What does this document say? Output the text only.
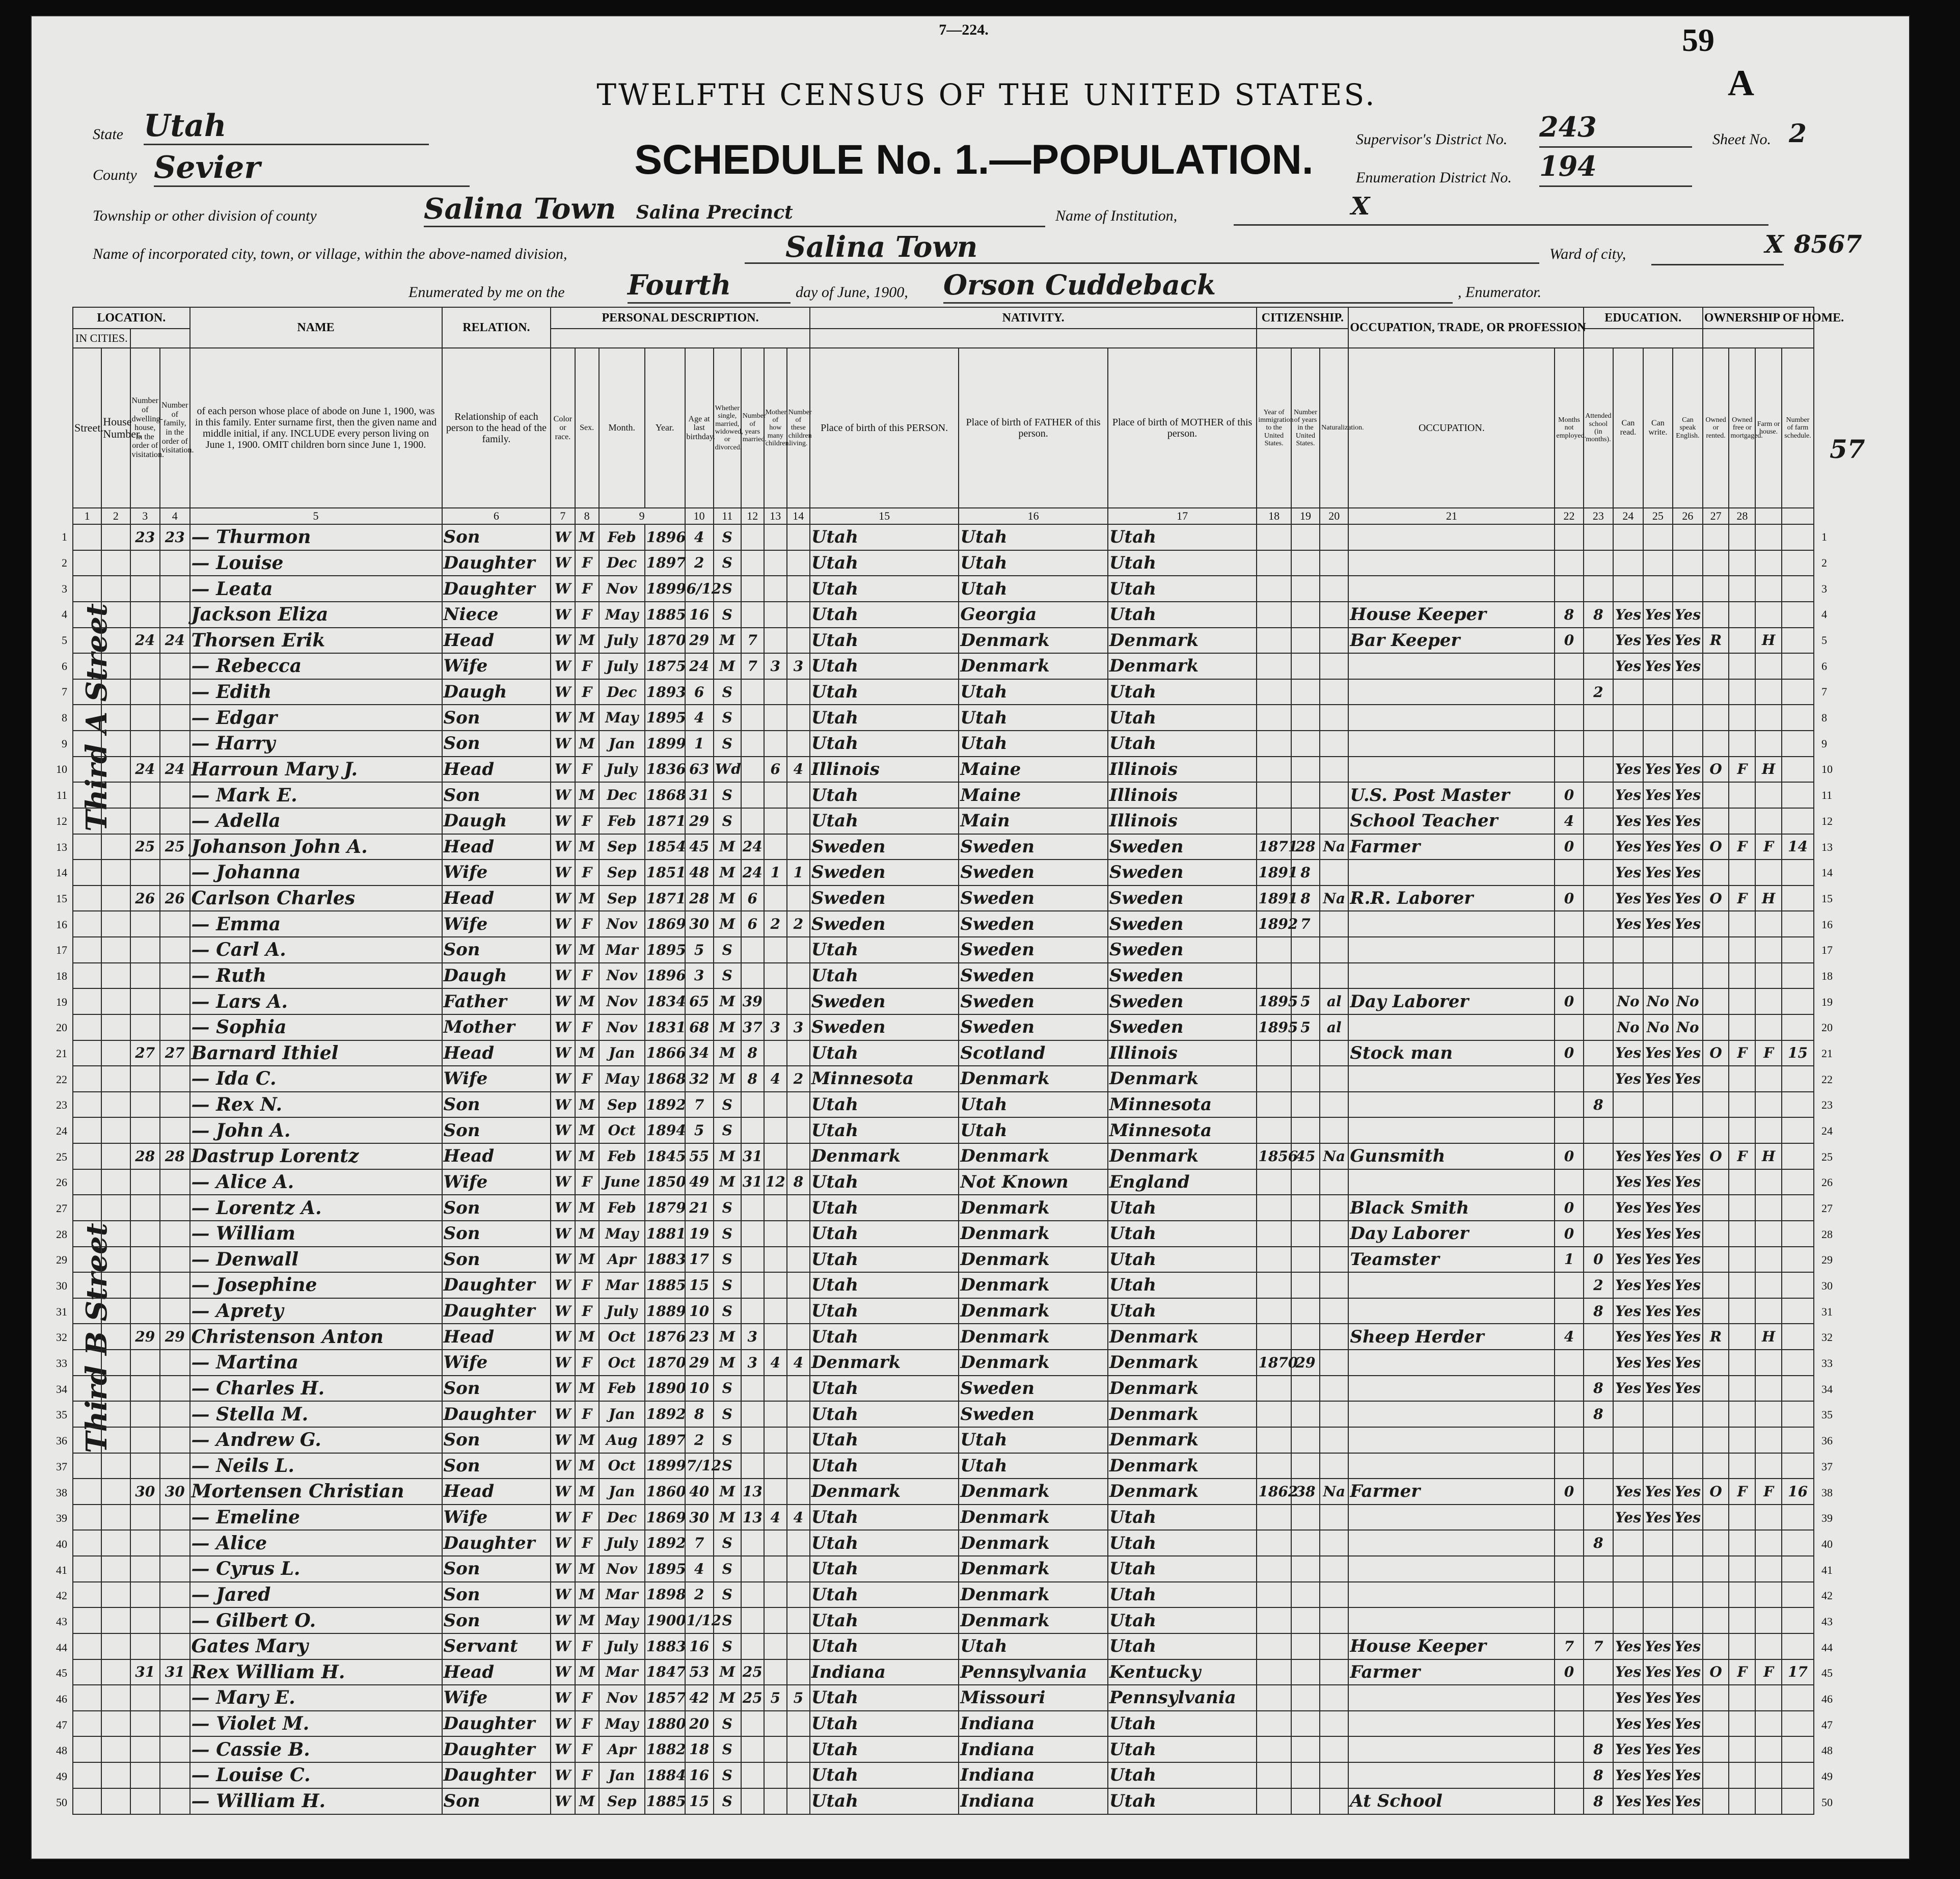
7—224.	59
A
TWELFTH CENSUS OF THE UNITED STATES.
SCHEDULE No. 1.—POPULATION.
State Utah
County Sevier
Supervisor's District No. 243	Sheet No. 2
Enumeration District No. 194
Township or other division of county	Salina Town Salina Precinct	Name of Institution,	X
Name of incorporated city, town, or village, within the above-named division,	Salina Town	Ward of city,	X 8567
Enumerated by me on the Fourth	day of June, 1900, Orson Cuddeback	, Enumerator.
1	1
2	2
3	3
4	4
5	5
6	6
7	7
8	8
9	9
10	10
11	11
12	12
13	13
14	14
15	15
16	16
17	17
18	18
19	19
20	20
21	21
22	22
23	23
24	24
25	25
26	26
27	27
28	28
29	29
30	30
31	31
32	32
33	33
34	34
35	35
36	36
37	37
38	38
39	39
40	40
41	41
42	42
43	43
44	44
45	45
46	46
47	47
48	48
49	49
50	50
57
Third A Street
Third B Street
LOCATION.				NAME	RELATION.	PERSONAL DESCRIPTION.									NATIVITY.			CITIZENSHIP.			OCCUPATION, TRADE, OR PROFESSION		EDUCATION.				OWNERSHIP OF HOME.			
IN CITIES.																														
Street.	House Number.	Number of dwelling-house, in the order of visitation.	Number of family, in the order of visitation.	of each person whose place of abode on June 1, 1900, was in this family. Enter surname first, then the given name and middle initial, if any. INCLUDE every person living on June 1, 1900. OMIT children born since June 1, 1900.	Relationship of each person to the head of the family.	Color or race.	Sex.	Month.	Year.	Age at last birthday.	Whether single, married, widowed, or divorced.	Number of years married.	Mother of how many children.	Number of these children living.	Place of birth of this PERSON.	Place of birth of FATHER of this person.	Place of birth of MOTHER of this person.	Year of immigration to the United States.	Number of years in the United States.	Naturalization.	OCCUPATION.	Months not employed.	Attended school (in months).	Can read.	Can write.	Can speak English.	Owned or rented.	Owned free or mortgaged.	Farm or house.	Number of farm schedule.
1	2	3	4	5	6	7	8	9		10	11	12	13	14	15	16	17	18	19	20	21	22	23	24	25	26	27	28		
		23	23	— Thurmon	Son	W	M	Feb	1896	4	S				Utah	Utah	Utah													
				— Louise	Daughter	W	F	Dec	1897	2	S				Utah	Utah	Utah													
				— Leata	Daughter	W	F	Nov	1899	6/12	S				Utah	Utah	Utah													
				Jackson Eliza	Niece	W	F	May	1885	16	S				Utah	Georgia	Utah				House Keeper	8	8	Yes	Yes	Yes				
		24	24	Thorsen Erik	Head	W	M	July	1870	29	M	7			Utah	Denmark	Denmark				Bar Keeper	0		Yes	Yes	Yes	R		H	
				— Rebecca	Wife	W	F	July	1875	24	M	7	3	3	Utah	Denmark	Denmark							Yes	Yes	Yes				
				— Edith	Daugh	W	F	Dec	1893	6	S				Utah	Utah	Utah						2							
				— Edgar	Son	W	M	May	1895	4	S				Utah	Utah	Utah													
				— Harry	Son	W	M	Jan	1899	1	S				Utah	Utah	Utah													
		24	24	Harroun Mary J.	Head	W	F	July	1836	63	Wd		6	4	Illinois	Maine	Illinois							Yes	Yes	Yes	O	F	H	
				— Mark E.	Son	W	M	Dec	1868	31	S				Utah	Maine	Illinois				U.S. Post Master	0		Yes	Yes	Yes				
				— Adella	Daugh	W	F	Feb	1871	29	S				Utah	Main	Illinois				School Teacher	4		Yes	Yes	Yes				
		25	25	Johanson John A.	Head	W	M	Sep	1854	45	M	24			Sweden	Sweden	Sweden	1871	28	Na	Farmer	0		Yes	Yes	Yes	O	F	F	14
				— Johanna	Wife	W	F	Sep	1851	48	M	24	1	1	Sweden	Sweden	Sweden	1891	8					Yes	Yes	Yes				
		26	26	Carlson Charles	Head	W	M	Sep	1871	28	M	6			Sweden	Sweden	Sweden	1891	8	Na	R.R. Laborer	0		Yes	Yes	Yes	O	F	H	
				— Emma	Wife	W	F	Nov	1869	30	M	6	2	2	Sweden	Sweden	Sweden	1892	7					Yes	Yes	Yes				
				— Carl A.	Son	W	M	Mar	1895	5	S				Utah	Sweden	Sweden													
				— Ruth	Daugh	W	F	Nov	1896	3	S				Utah	Sweden	Sweden													
				— Lars A.	Father	W	M	Nov	1834	65	M	39			Sweden	Sweden	Sweden	1895	5	al	Day Laborer	0		No	No	No				
				— Sophia	Mother	W	F	Nov	1831	68	M	37	3	3	Sweden	Sweden	Sweden	1895	5	al				No	No	No				
		27	27	Barnard Ithiel	Head	W	M	Jan	1866	34	M	8			Utah	Scotland	Illinois				Stock man	0		Yes	Yes	Yes	O	F	F	15
				— Ida C.	Wife	W	F	May	1868	32	M	8	4	2	Minnesota	Denmark	Denmark							Yes	Yes	Yes				
				— Rex N.	Son	W	M	Sep	1892	7	S				Utah	Utah	Minnesota						8							
				— John A.	Son	W	M	Oct	1894	5	S				Utah	Utah	Minnesota													
		28	28	Dastrup Lorentz	Head	W	M	Feb	1845	55	M	31			Denmark	Denmark	Denmark	1856	45	Na	Gunsmith	0		Yes	Yes	Yes	O	F	H	
				— Alice A.	Wife	W	F	June	1850	49	M	31	12	8	Utah	Not Known	England							Yes	Yes	Yes				
				— Lorentz A.	Son	W	M	Feb	1879	21	S				Utah	Denmark	Utah				Black Smith	0		Yes	Yes	Yes				
				— William	Son	W	M	May	1881	19	S				Utah	Denmark	Utah				Day Laborer	0		Yes	Yes	Yes				
				— Denwall	Son	W	M	Apr	1883	17	S				Utah	Denmark	Utah				Teamster	1	0	Yes	Yes	Yes				
				— Josephine	Daughter	W	F	Mar	1885	15	S				Utah	Denmark	Utah						2	Yes	Yes	Yes				
				— Aprety	Daughter	W	F	July	1889	10	S				Utah	Denmark	Utah						8	Yes	Yes	Yes				
		29	29	Christenson Anton	Head	W	M	Oct	1876	23	M	3			Utah	Denmark	Denmark				Sheep Herder	4		Yes	Yes	Yes	R		H	
				— Martina	Wife	W	F	Oct	1870	29	M	3	4	4	Denmark	Denmark	Denmark	1870	29					Yes	Yes	Yes				
				— Charles H.	Son	W	M	Feb	1890	10	S				Utah	Sweden	Denmark						8	Yes	Yes	Yes				
				— Stella M.	Daughter	W	F	Jan	1892	8	S				Utah	Sweden	Denmark						8							
				— Andrew G.	Son	W	M	Aug	1897	2	S				Utah	Utah	Denmark													
				— Neils L.	Son	W	M	Oct	1899	7/12	S				Utah	Utah	Denmark													
		30	30	Mortensen Christian	Head	W	M	Jan	1860	40	M	13			Denmark	Denmark	Denmark	1862	38	Na	Farmer	0		Yes	Yes	Yes	O	F	F	16
				— Emeline	Wife	W	F	Dec	1869	30	M	13	4	4	Utah	Denmark	Utah							Yes	Yes	Yes				
				— Alice	Daughter	W	F	July	1892	7	S				Utah	Denmark	Utah						8							
				— Cyrus L.	Son	W	M	Nov	1895	4	S				Utah	Denmark	Utah													
				— Jared	Son	W	M	Mar	1898	2	S				Utah	Denmark	Utah													
				— Gilbert O.	Son	W	M	May	1900	1/12	S				Utah	Denmark	Utah													
				Gates Mary	Servant	W	F	July	1883	16	S				Utah	Utah	Utah				House Keeper	7	7	Yes	Yes	Yes				
		31	31	Rex William H.	Head	W	M	Mar	1847	53	M	25			Indiana	Pennsylvania	Kentucky				Farmer	0		Yes	Yes	Yes	O	F	F	17
				— Mary E.	Wife	W	F	Nov	1857	42	M	25	5	5	Utah	Missouri	Pennsylvania							Yes	Yes	Yes				
				— Violet M.	Daughter	W	F	May	1880	20	S				Utah	Indiana	Utah							Yes	Yes	Yes				
				— Cassie B.	Daughter	W	F	Apr	1882	18	S				Utah	Indiana	Utah						8	Yes	Yes	Yes				
				— Louise C.	Daughter	W	F	Jan	1884	16	S				Utah	Indiana	Utah						8	Yes	Yes	Yes				
				— William H.	Son	W	M	Sep	1885	15	S				Utah	Indiana	Utah				At School		8	Yes	Yes	Yes				
